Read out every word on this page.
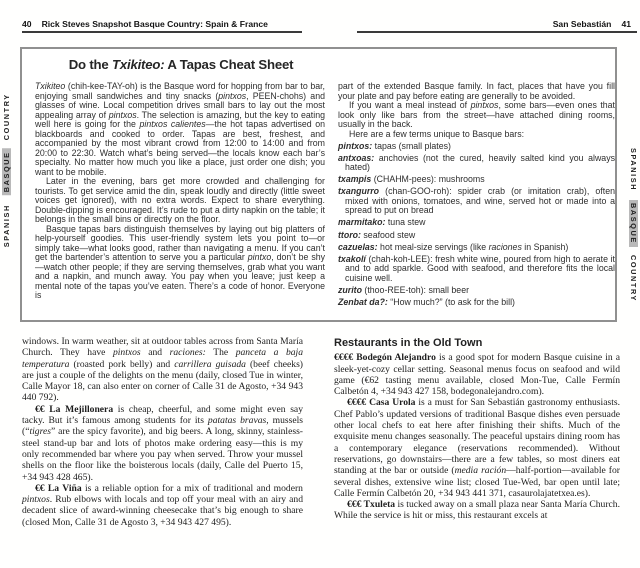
SPANISH BASQUE COUNTRY
SPANISH BASQUE COUNTRY
40 Rick Steves Snapshot Basque Country: Spain & France	San Sebastián 41
Do the Txikiteo: A Tapas Cheat Sheet

Txikiteo (chih-kee-TAY-oh) is the Basque word for hopping from bar to bar, enjoying small sandwiches and tiny snacks (pintxos, PEEN-chohs) and glasses of wine. Local competition drives small bars to lay out the most appealing array of pintxos. The selection is amazing, but the key to eating well here is going for the pintxos calientes—the hot tapas advertised on blackboards and cooked to order. Tapas are best, freshest, and accompanied by the most vibrant crowd from 12:00 to 14:00 and from 20:00 to 22:30. Watch what’s being served—the locals know each bar’s specialty. No matter how much you like a place, just order one dish; you want to be mobile.

Later in the evening, bars get more crowded and challenging for tourists. To get service amid the din, speak loudly and directly (little sweet voices get ignored), with no extra words. Expect to share everything. Double-dipping is encouraged. It’s rude to put a dirty napkin on the table; it belongs in the small bins or directly on the floor.

Basque tapas bars distinguish themselves by laying out big platters of help-yourself goodies. This user-friendly system lets you point to—or simply take—what looks good, rather than navigating a menu. If you can’t get the bartender’s attention to serve you a particular pintxo, don’t be shy—watch other people; if they are serving themselves, grab what you want and a napkin, and munch away. You pay when you leave; just keep a mental note of the tapas you’ve eaten. There’s a code of honor. Everyone is

part of the extended Basque family. In fact, places that have you fill your plate and pay before eating are generally to be avoided.

If you want a meal instead of pintxos, some bars—even ones that look only like bars from the street—have attached dining rooms, usually in the back.

Here are a few terms unique to Basque bars:

pintxos: tapas (small plates)

antxoas: anchovies (not the cured, heavily salted kind you always hated)

txampis (CHAHM-pees): mushrooms

txangurro (chan-GOO-roh): spider crab (or imitation crab), often mixed with onions, tomatoes, and wine, served hot or made into a spread to put on bread

marmitako: tuna stew

ttoro: seafood stew

cazuelas: hot meal-size servings (like raciones in Spanish)

txakolí (chah-koh-LEE): fresh white wine, poured from high to aerate it and to add sparkle. Good with seafood, and therefore fits the local cuisine well.

zurito (thoo-REE-toh): small beer

Zenbat da?: “How much?” (to ask for the bill)

windows. In warm weather, sit at outdoor tables across from Santa María Church. They have pintxos and raciones: The panceta a baja temperatura (roasted pork belly) and carrillera guisada (beef cheeks) are just a couple of the delights on the menu (daily, closed Tue in winter, Calle Mayor 18, can also enter on corner of Calle 31 de Agosto, +34 943 440 792).

€€ La Mejillonera is cheap, cheerful, and some might even say tacky. But it’s famous among students for its patatas bravas, mussels (“tigres” are the spicy favorite), and big beers. A long, skinny, stainless-steel stand-up bar and lots of photos make ordering easy—this is my only recommended bar where you pay when served. Throw your mussel shells on the floor like the boisterous locals (daily, Calle del Puerto 15, +34 943 428 465).

€€ La Viña is a reliable option for a mix of traditional and modern pintxos. Rub elbows with locals and top off your meal with an airy and decadent slice of award-winning cheesecake that’s big enough to share (closed Mon, Calle 31 de Agosto 3, +34 943 427 495).

Restaurants in the Old Town

€€€€ Bodegón Alejandro is a good spot for modern Basque cuisine in a sleek-yet-cozy cellar setting. Seasonal menus focus on seafood and wild game (€62 tasting menu available, closed Mon-Tue, Calle Fermín Calbetón 4, +34 943 427 158, bodegonalejandro.com).

€€€€ Casa Urola is a must for San Sebastián gastronomy enthusiasts. Chef Pablo’s updated versions of traditional Basque dishes even persuade other local chefs to eat here after finishing their shifts. Much of the exquisite menu changes seasonally. The peaceful upstairs dining room has a contemporary elegance (reservations recommended). Without reservations, go downstairs—there are a few tables, so most diners eat standing at the bar or outside (media ración—half-portion—available for several dishes, extensive wine list; closed Tue-Wed, bar open until late; Calle Fermín Calbetón 20, +34 943 441 371, casaurolajatetxea.es).

€€€ Txuleta is tucked away on a small plaza near Santa María Church. While the service is hit or miss, this restaurant excels at
